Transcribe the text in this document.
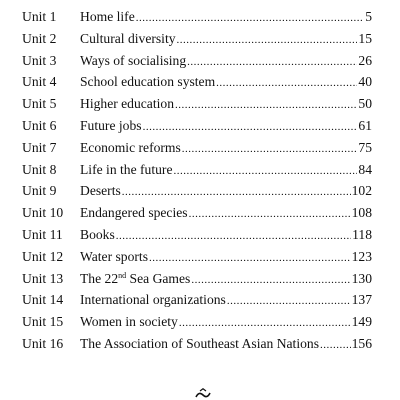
Unit 1	Home life .....	5
Unit 2	Cultural diversity .....	15
Unit 3	Ways of socialising .....	26
Unit 4	School education system .....	40
Unit 5	Higher education .....	50
Unit 6	Future jobs .....	61
Unit 7	Economic reforms .....	75
Unit 8	Life in the future .....	84
Unit 9	Deserts .....	102
Unit 10	Endangered species .....	108
Unit 11	Books .....	118
Unit 12	Water sports .....	123
Unit 13	The 22nd Sea Games .....	130
Unit 14	International organizations .....	137
Unit 15	Women in society .....	149
Unit 16	The Association of Southeast Asian Nations ..... 156
